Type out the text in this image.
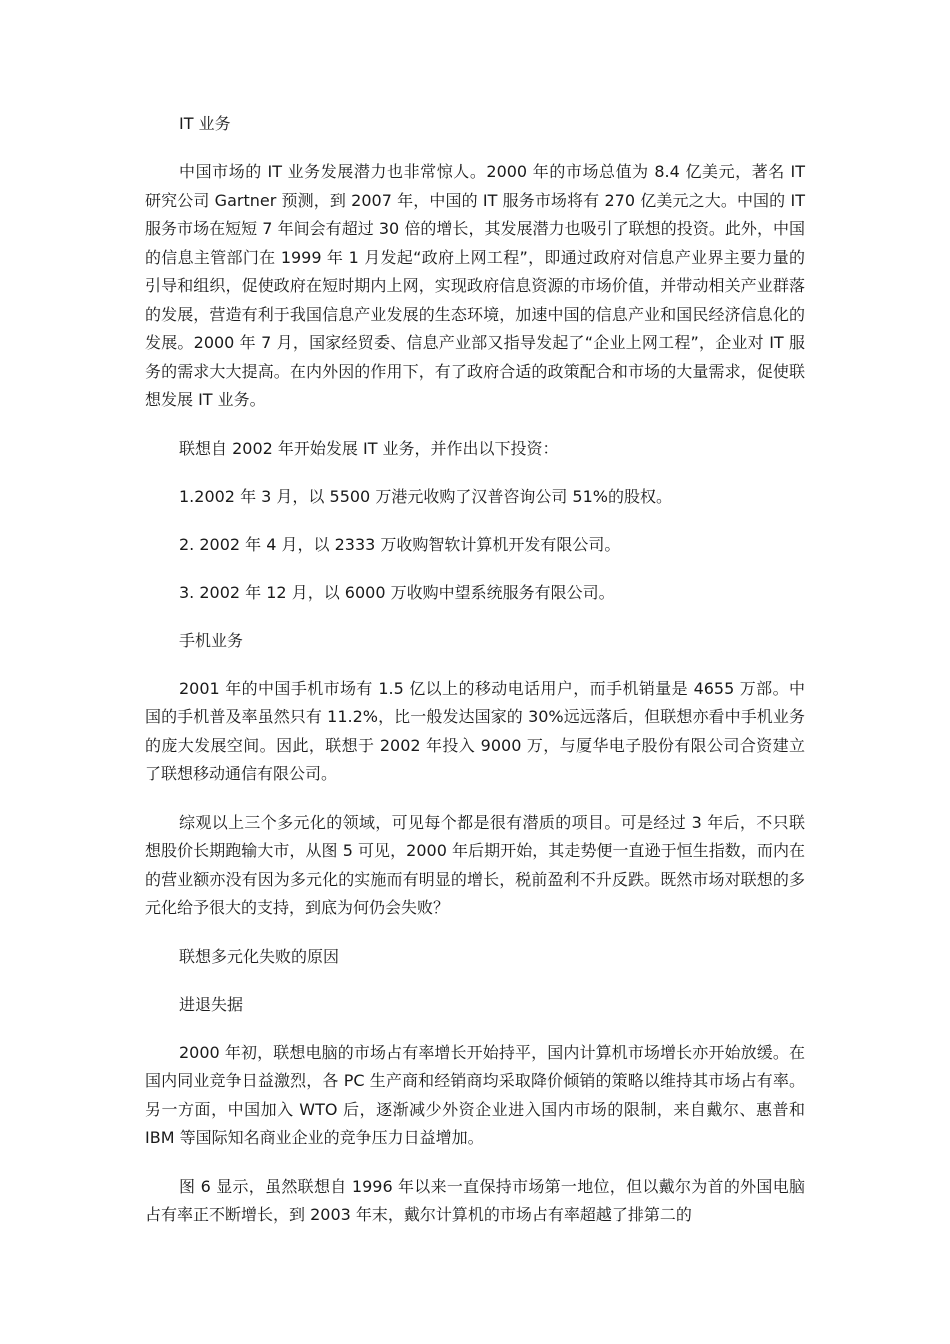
IT 业务
中国市场的 IT 业务发展潜力也非常惊人。2000 年的市场总值为 8.4 亿美元，著名 IT 研究公司 Gartner 预测，到 2007 年，中国的 IT 服务市场将有 270 亿美元之大。中国的 IT 服务市场在短短 7 年间会有超过 30 倍的增长，其发展潜力也吸引了联想的投资。此外，中国的信息主管部门在 1999 年 1 月发起“政府上网工程”，即通过政府对信息产业界主要力量的引导和组织，促使政府在短时期内上网，实现政府信息资源的市场价值，并带动相关产业群落的发展，营造有利于我国信息产业发展的生态环境，加速中国的信息产业和国民经济信息化的发展。2000 年 7 月，国家经贸委、信息产业部又指导发起了“企业上网工程”，企业对 IT 服务的需求大大提高。在内外因的作用下，有了政府合适的政策配合和市场的大量需求，促使联想发展 IT 业务。
联想自 2002 年开始发展 IT 业务，并作出以下投资：
1.2002 年 3 月，以 5500 万港元收购了汉普咨询公司 51%的股权。
2. 2002 年 4 月，以 2333 万收购智软计算机开发有限公司。
3. 2002 年 12 月，以 6000 万收购中望系统服务有限公司。
手机业务
2001 年的中国手机市场有 1.5 亿以上的移动电话用户，而手机销量是 4655 万部。中国的手机普及率虽然只有 11.2%，比一般发达国家的 30%远远落后，但联想亦看中手机业务的庞大发展空间。因此，联想于 2002 年投入 9000 万，与厦华电子股份有限公司合资建立了联想移动通信有限公司。
综观以上三个多元化的领域，可见每个都是很有潜质的项目。可是经过 3 年后，不只联想股价长期跑输大市，从图 5 可见，2000 年后期开始，其走势便一直逊于恒生指数，而内在的营业额亦没有因为多元化的实施而有明显的增长，税前盈利不升反跌。既然市场对联想的多元化给予很大的支持，到底为何仍会失败？
联想多元化失败的原因
进退失据
2000 年初，联想电脑的市场占有率增长开始持平，国内计算机市场增长亦开始放缓。在国内同业竞争日益激烈，各 PC 生产商和经销商均采取降价倾销的策略以维持其市场占有率。另一方面，中国加入 WTO 后，逐渐减少外资企业进入国内市场的限制，来自戴尔、惠普和 IBM 等国际知名商业企业的竞争压力日益增加。
图 6 显示，虽然联想自 1996 年以来一直保持市场第一地位，但以戴尔为首的外国电脑占有率正不断增长，到 2003 年末，戴尔计算机的市场占有率超越了排第二的
